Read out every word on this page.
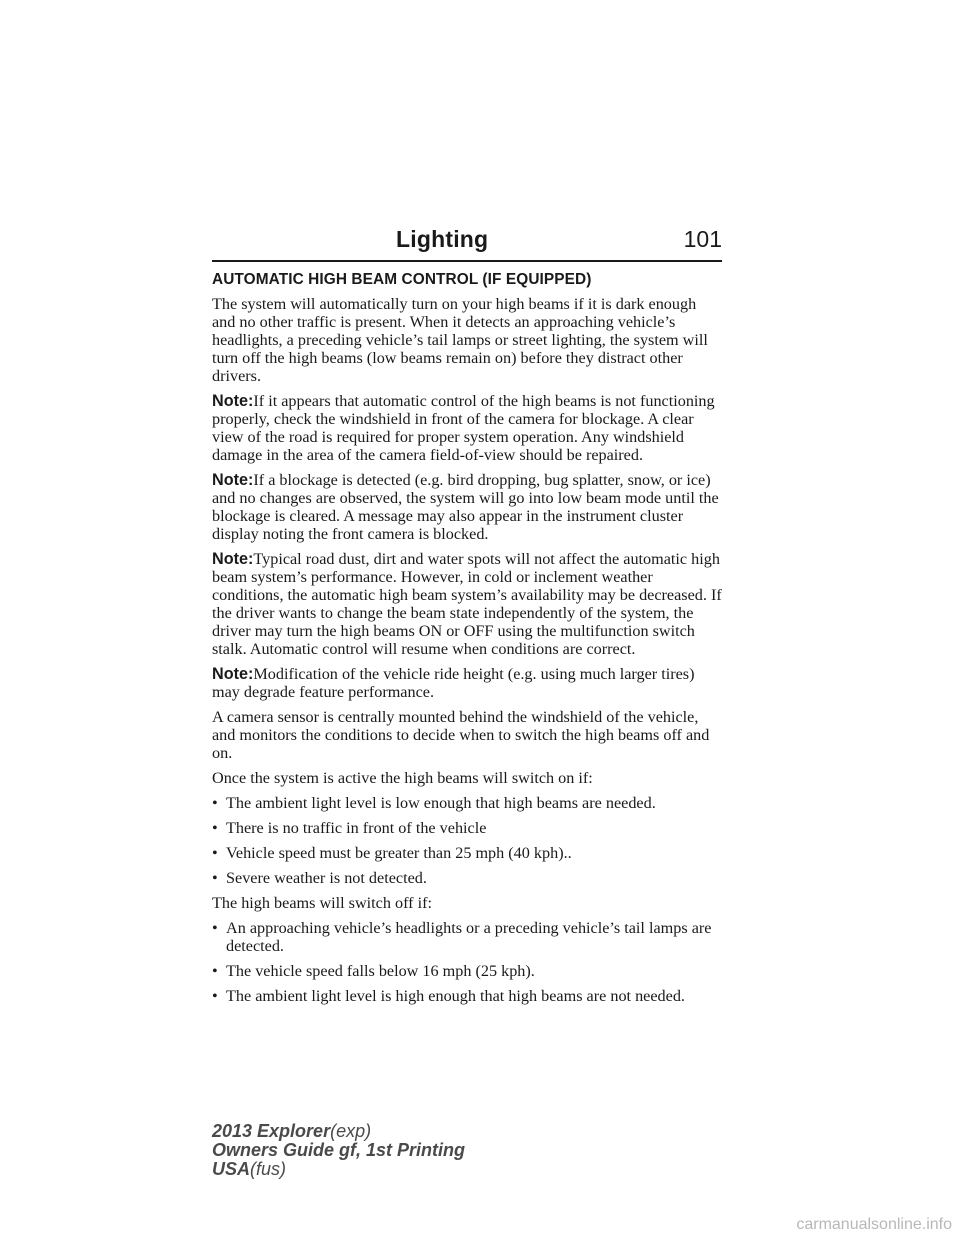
Lighting	101
AUTOMATIC HIGH BEAM CONTROL (IF EQUIPPED)

The system will automatically turn on your high beams if it is dark enough and no other traffic is present. When it detects an approaching vehicle’s headlights, a preceding vehicle’s tail lamps or street lighting, the system will turn off the high beams (low beams remain on) before they distract other drivers.

Note:If it appears that automatic control of the high beams is not functioning properly, check the windshield in front of the camera for blockage. A clear view of the road is required for proper system operation. Any windshield damage in the area of the camera field-of-view should be repaired.

Note:If a blockage is detected (e.g. bird dropping, bug splatter, snow, or ice) and no changes are observed, the system will go into low beam mode until the blockage is cleared. A message may also appear in the instrument cluster display noting the front camera is blocked.

Note:Typical road dust, dirt and water spots will not affect the automatic high beam system’s performance. However, in cold or inclement weather conditions, the automatic high beam system’s availability may be decreased. If the driver wants to change the beam state independently of the system, the driver may turn the high beams ON or OFF using the multifunction switch stalk. Automatic control will resume when conditions are correct.

Note:Modification of the vehicle ride height (e.g. using much larger tires) may degrade feature performance.

A camera sensor is centrally mounted behind the windshield of the vehicle, and monitors the conditions to decide when to switch the high beams off and on.

Once the system is active the high beams will switch on if:

• The ambient light level is low enough that high beams are needed.
• There is no traffic in front of the vehicle
• Vehicle speed must be greater than 25 mph (40 kph)..
• Severe weather is not detected.

The high beams will switch off if:

• An approaching vehicle’s headlights or a preceding vehicle’s tail lamps are detected.
• The vehicle speed falls below 16 mph (25 kph).
• The ambient light level is high enough that high beams are not needed.
2013 Explorer(exp)
Owners Guide gf, 1st Printing
USA(fus)
carmanualsonline.info
